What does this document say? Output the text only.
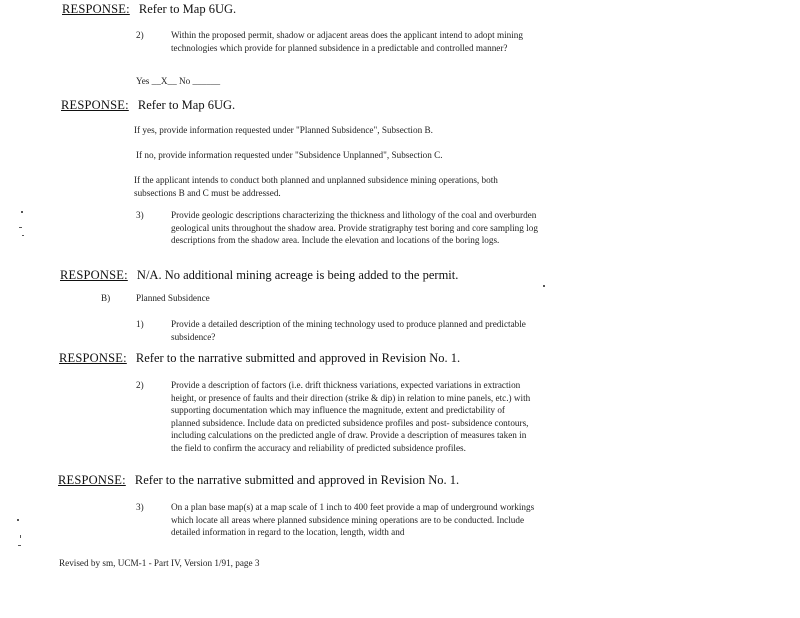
RESPONSE: Refer to Map 6UG.
2)	Within the proposed permit, shadow or adjacent areas does the applicant intend to adopt mining technologies which provide for planned subsidence in a predictable and controlled manner?
Yes __X__ No ______
RESPONSE: Refer to Map 6UG.
If yes, provide information requested under "Planned Subsidence", Subsection B.
If no, provide information requested under "Subsidence Unplanned", Subsection C.
If the applicant intends to conduct both planned and unplanned subsidence mining operations, both subsections B and C must be addressed.
3)	Provide geologic descriptions characterizing the thickness and lithology of the coal and overburden geological units throughout the shadow area. Provide stratigraphy test boring and core sampling log descriptions from the shadow area. Include the elevation and locations of the boring logs.
RESPONSE: N/A. No additional mining acreage is being added to the permit.
B)	Planned Subsidence
1)	Provide a detailed description of the mining technology used to produce planned and predictable subsidence?
RESPONSE: Refer to the narrative submitted and approved in Revision No. 1.
2)	Provide a description of factors (i.e. drift thickness variations, expected variations in extraction height, or presence of faults and their direction (strike & dip) in relation to mine panels, etc.) with supporting documentation which may influence the magnitude, extent and predictability of planned subsidence. Include data on predicted subsidence profiles and post- subsidence contours, including calculations on the predicted angle of draw. Provide a description of measures taken in the field to confirm the accuracy and reliability of predicted subsidence profiles.
RESPONSE: Refer to the narrative submitted and approved in Revision No. 1.
3)	On a plan base map(s) at a map scale of 1 inch to 400 feet provide a map of underground workings which locate all areas where planned subsidence mining operations are to be conducted. Include detailed information in regard to the location, length, width and
Revised by sm, UCM-1 - Part IV, Version 1/91, page 3
